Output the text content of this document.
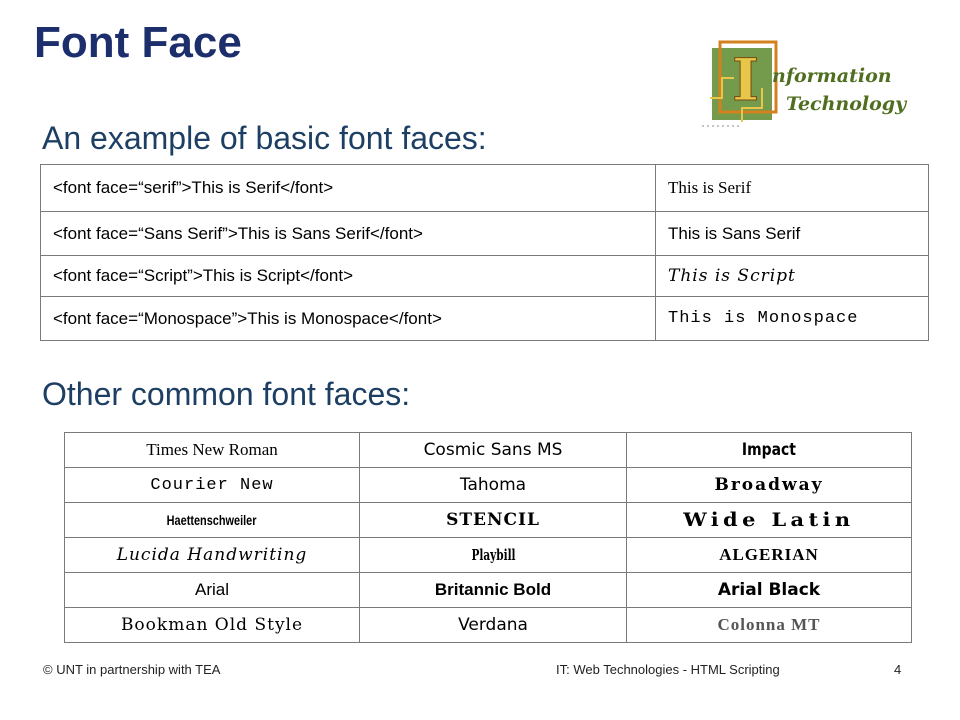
Font Face
I nformation
Technology
An example of basic font faces:
<font face=“serif”>This is Serif</font>	This is Serif
<font face=“Sans Serif”>This is Sans Serif</font>	This is Sans Serif
<font face=“Script”>This is Script</font>	This is Script
<font face=“Monospace”>This is Monospace</font>	This is Monospace
Other common font faces:
Times New Roman	Cosmic Sans MS	Impact
Courier New	Tahoma	Broadway
Haettenschweiler	STENCIL	Wide Latin
Lucida Handwriting	Playbill	ALGERIAN
Arial	Britannic Bold	Arial Black
Bookman Old Style	Verdana	Colonna MT
© UNT in partnership with TEA	IT: Web Technologies - HTML Scripting	4
